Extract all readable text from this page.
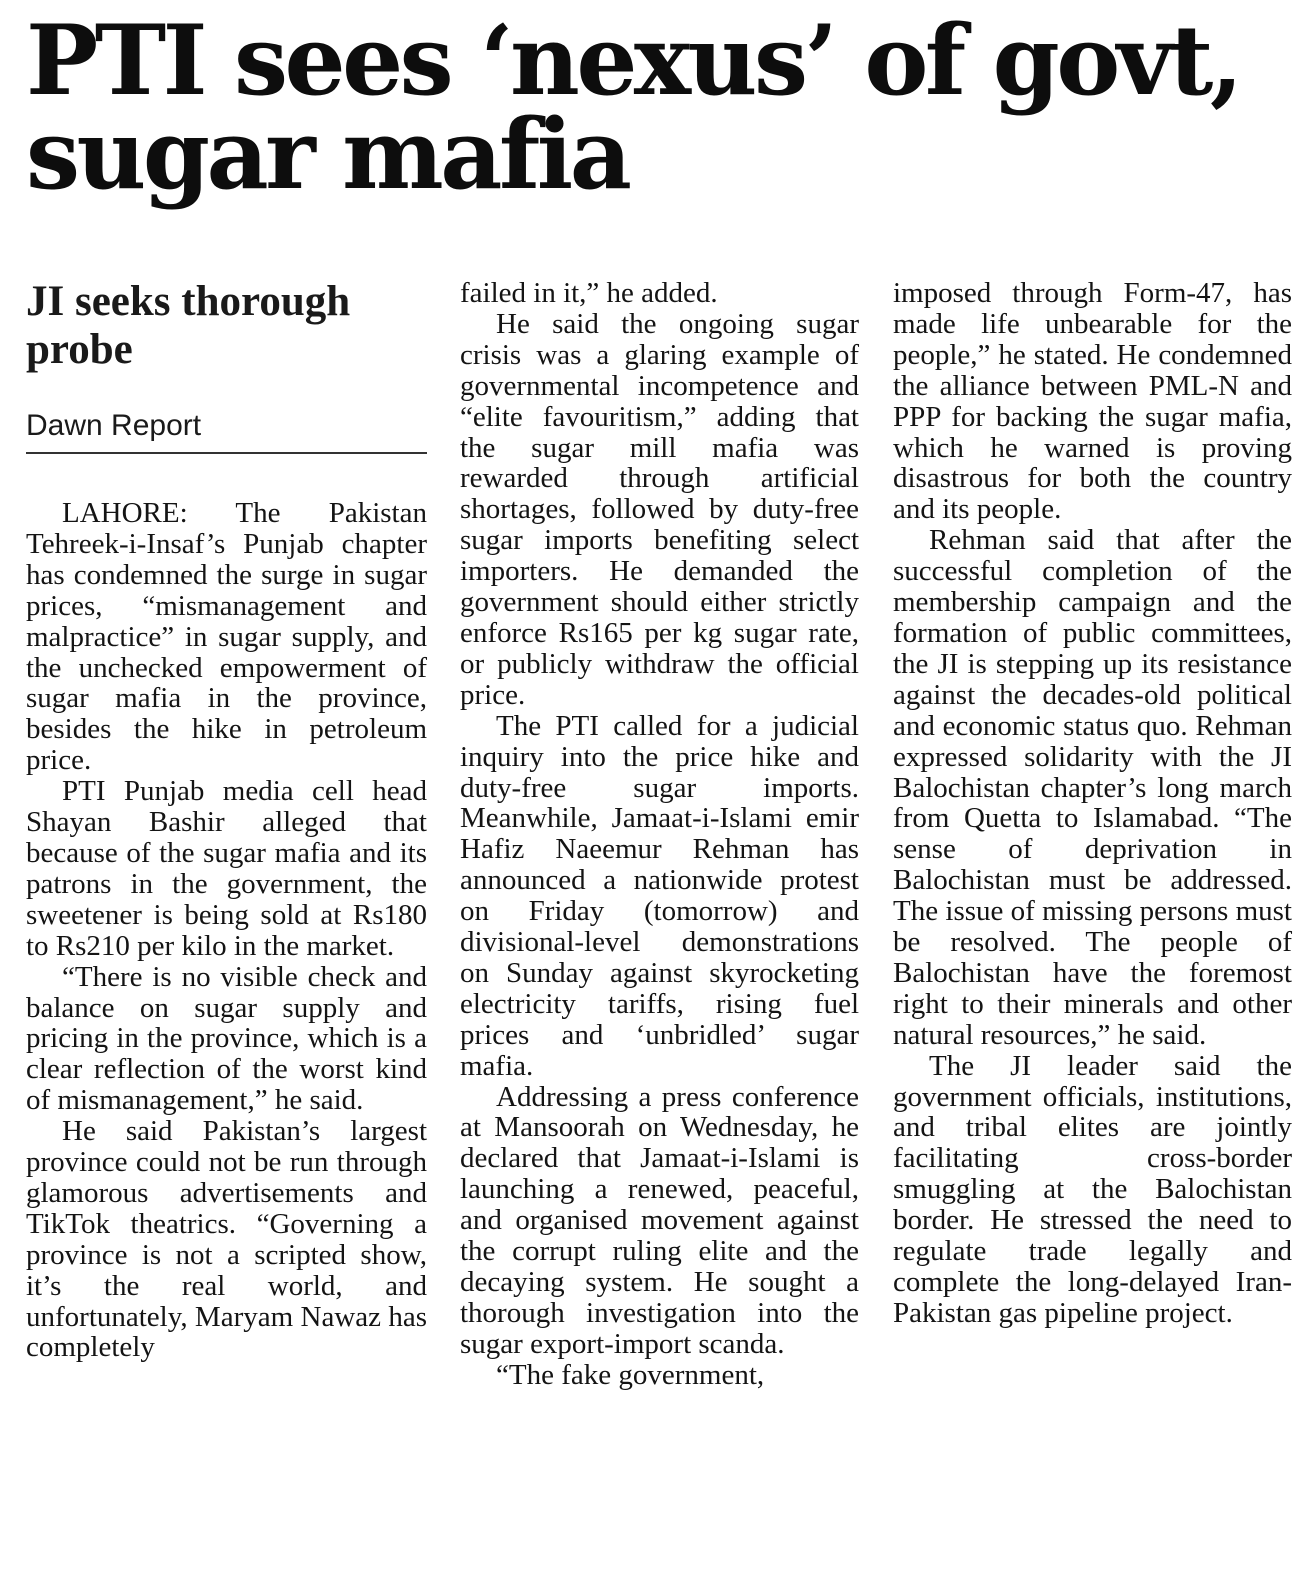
PTI sees ‘nexus’ of govt, sugar mafia
JI seeks thorough probe
Dawn Report

LAHORE: The Pakistan Tehreek-i-Insaf’s Punjab chapter has condemned the surge in sugar prices, “mismanagement and malpractice” in sugar supply, and the unchecked empowerment of sugar mafia in the province, besides the hike in petroleum price.

PTI Punjab media cell head Shayan Bashir alleged that because of the sugar mafia and its patrons in the government, the sweetener is being sold at Rs180 to Rs210 per kilo in the market.

“There is no visible check and balance on sugar supply and pricing in the province, which is a clear reflection of the worst kind of mismanagement,” he said.

He said Pakistan’s largest province could not be run through glamorous advertisements and TikTok theatrics. “Governing a province is not a scripted show, it’s the real world, and unfortunately, Maryam Nawaz has completely

failed in it,” he added.

He said the ongoing sugar crisis was a glaring example of governmental incompetence and “elite favouritism,” adding that the sugar mill mafia was rewarded through artificial shortages, followed by duty-free sugar imports benefiting select importers. He demanded the government should either strictly enforce Rs165 per kg sugar rate, or publicly withdraw the official price.

The PTI called for a judicial inquiry into the price hike and duty-free sugar imports. Meanwhile, Jamaat-i-Islami emir Hafiz Naeemur Rehman has announced a nationwide protest on Friday (tomorrow) and divisional-level demonstrations on Sunday against skyrocketing electricity tariffs, rising fuel prices and ‘unbridled’ sugar mafia.

Addressing a press conference at Mansoorah on Wednesday, he declared that Jamaat-i-Islami is launching a renewed, peaceful, and organised movement against the corrupt ruling elite and the decaying system. He sought a thorough investigation into the sugar export-import scanda.

“The fake government,

imposed through Form-47, has made life unbearable for the people,” he stated. He condemned the alliance between PML-N and PPP for backing the sugar mafia, which he warned is proving disastrous for both the country and its people.

Rehman said that after the successful completion of the membership campaign and the formation of public committees, the JI is stepping up its resistance against the decades-old political and economic status quo. Rehman expressed solidarity with the JI Balochistan chapter’s long march from Quetta to Islamabad. “The sense of deprivation in Balochistan must be addressed. The issue of missing persons must be resolved. The people of Balochistan have the foremost right to their minerals and other natural resources,” he said.

The JI leader said the government officials, institutions, and tribal elites are jointly facilitating cross-border smuggling at the Balochistan border. He stressed the need to regulate trade legally and complete the long-delayed Iran-Pakistan gas pipeline project.
